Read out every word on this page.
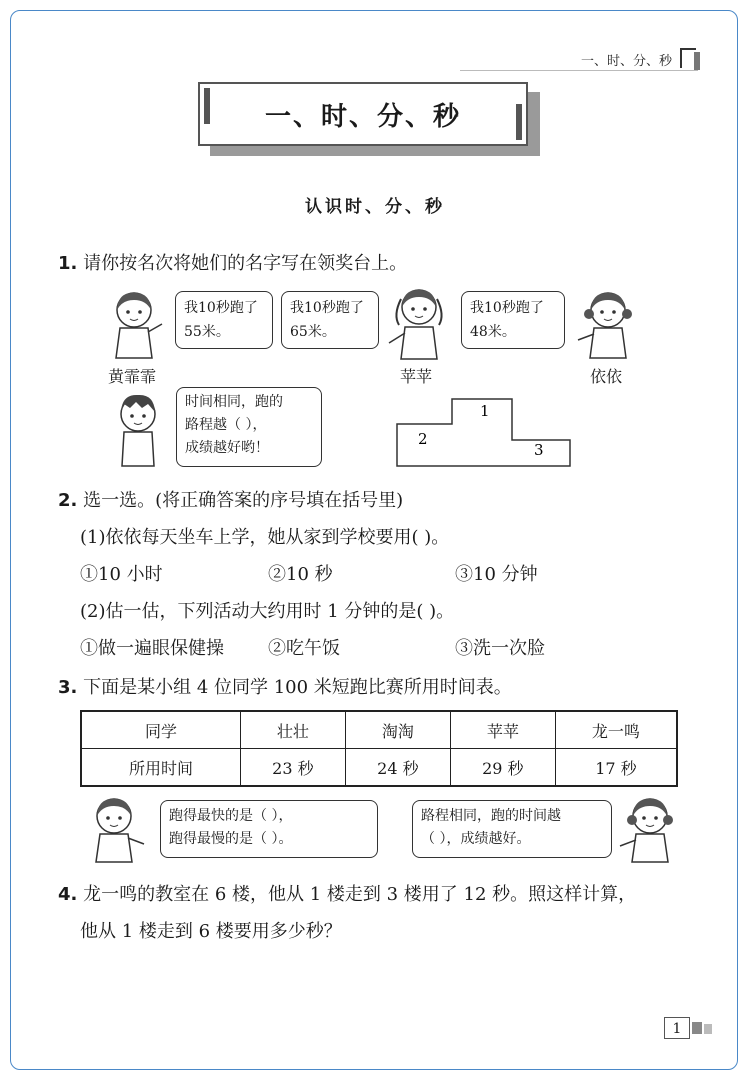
一、时、分、秒
一、时、分、秒
认识时、分、秒
1. 请你按名次将她们的名字写在领奖台上。
我10秒跑了
55米。
黄霏霏
我10秒跑了
65米。
苹苹
我10秒跑了
48米。
依依
时间相同，跑的
路程越（ ），
成绩越好哟！
1
2
3
2. 选一选。(将正确答案的序号填在括号里)
(1)依依每天坐车上学，她从家到学校要用( )。
①10 小时	②10 秒	③10 分钟
(2)估一估，下列活动大约用时 1 分钟的是( )。
①做一遍眼保健操 ②吃午饭	③洗一次脸
3. 下面是某小组 4 位同学 100 米短跑比赛所用时间表。
同学	壮壮	淘淘	苹苹	龙一鸣
所用时间	23 秒	24 秒	29 秒	17 秒
跑得最快的是（ ），
跑得最慢的是（ ）。
路程相同，跑的时间越
（ ），成绩越好。
4. 龙一鸣的教室在 6 楼，他从 1 楼走到 3 楼用了 12 秒。照这样计算，
他从 1 楼走到 6 楼要用多少秒？
1
